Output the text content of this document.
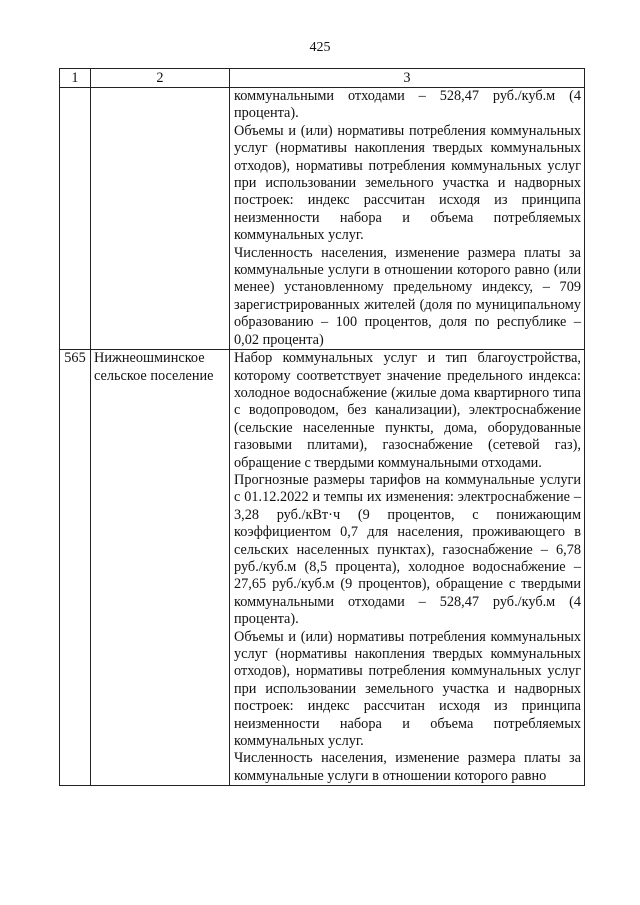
425
1	2	3

		коммунальными отходами – 528,47 руб./куб.м (4 процента).

Объемы и (или) нормативы потребления коммунальных услуг (нормативы накопления твердых коммунальных отходов), нормативы потребления коммунальных услуг при использовании земельного участка и надворных построек: индекс рассчитан исходя из принципа неизменности набора и объема потребляемых коммунальных услуг.

Численность населения, изменение размера платы за коммунальные услуги в отношении которого равно (или менее) установленному предельному индексу, – 709 зарегистрированных жителей (доля по муниципальному образованию – 100 процентов, доля по республике – 0,02 процента)

565	Нижнеошминское сельское поселение	Набор коммунальных услуг и тип благоустройства, которому соответствует значение предельного индекса: холодное водоснабжение (жилые дома квартирного типа с водопроводом, без канализации), электроснабжение (сельские населенные пункты, дома, оборудованные газовыми плитами), газоснабжение (сетевой газ), обращение с твердыми коммунальными отходами.

Прогнозные размеры тарифов на коммунальные услуги с 01.12.2022 и темпы их изменения: электроснабжение – 3,28 руб./кВт·ч (9 процентов, с понижающим коэффициентом 0,7 для населения, проживающего в сельских населенных пунктах), газоснабжение – 6,78 руб./куб.м (8,5 процента), холодное водоснабжение – 27,65 руб./куб.м (9 процентов), обращение с твердыми коммунальными отходами – 528,47 руб./куб.м (4 процента).

Объемы и (или) нормативы потребления коммунальных услуг (нормативы накопления твердых коммунальных отходов), нормативы потребления коммунальных услуг при использовании земельного участка и надворных построек: индекс рассчитан исходя из принципа неизменности набора и объема потребляемых коммунальных услуг.

Численность населения, изменение размера платы за коммунальные услуги в отношении которого равно
